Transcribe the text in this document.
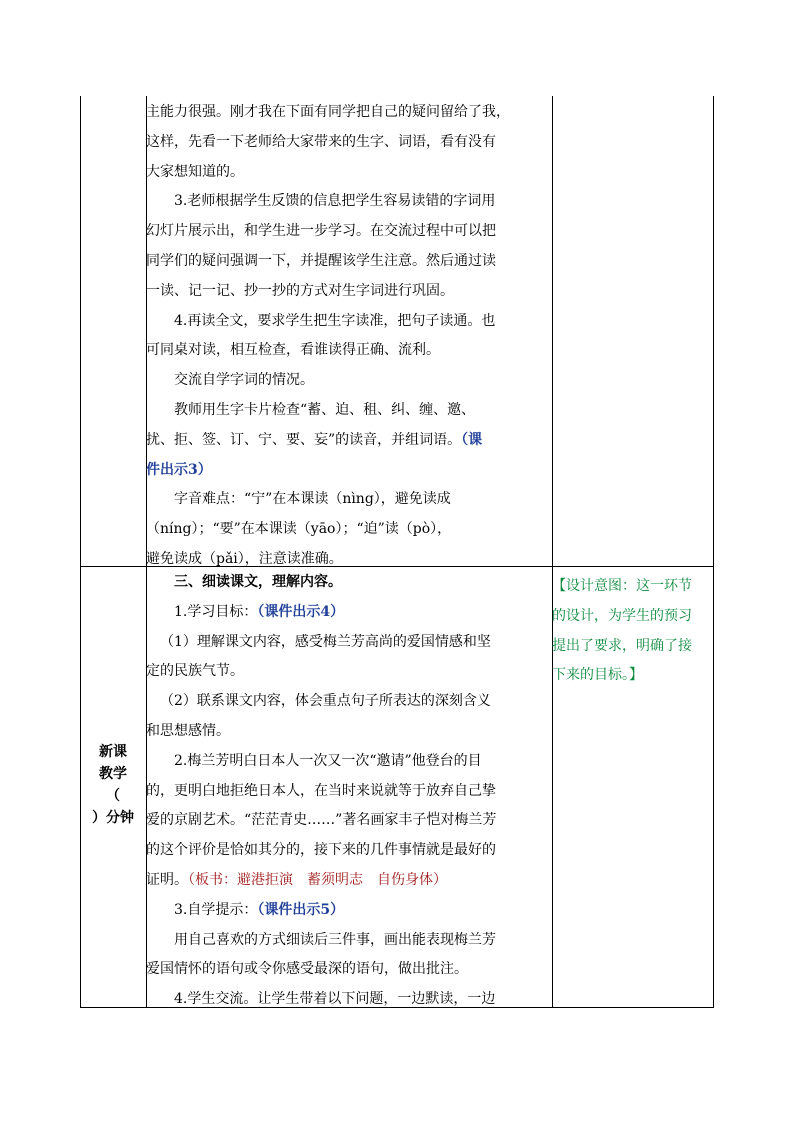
主能力很强。刚才我在下面有同学把自己的疑问留给了我，

这样，先看一下老师给大家带来的生字、词语，看有没有

大家想知道的。

3.老师根据学生反馈的信息把学生容易读错的字词用

幻灯片展示出，和学生进一步学习。在交流过程中可以把

同学们的疑问强调一下，并提醒该学生注意。然后通过读

一读、记一记、抄一抄的方式对生字词进行巩固。

4.再读全文，要求学生把生字读准，把句子读通。也

可同桌对读，相互检查，看谁读得正确、流利。

交流自学字词的情况。

教师用生字卡片检查“蓄、迫、租、纠、缠、邀、

扰、拒、签、订、宁、要、妄”的读音，并组词语。（课

件出示3）

字音难点：“宁”在本课读（nìng），避免读成

（níng）；“要”在本课读（yāo）；“迫”读（pò），

避免读成（pǎi），注意读准确。

新课
教学
（
）分钟

三、细读课文，理解内容。

1.学习目标：（课件出示4）

（1）理解课文内容，感受梅兰芳高尚的爱国情感和坚

定的民族气节。

（2）联系课文内容，体会重点句子所表达的深刻含义

和思想感情。

2.梅兰芳明白日本人一次又一次“邀请”他登台的目

的，更明白地拒绝日本人，在当时来说就等于放弃自己挚

爱的京剧艺术。“茫茫青史……”著名画家丰子恺对梅兰芳

的这个评价是恰如其分的，接下来的几件事情就是最好的

证明。（板书：避港拒演　蓄须明志　自伤身体）

3.自学提示：（课件出示5）

用自己喜欢的方式细读后三件事，画出能表现梅兰芳

爱国情怀的语句或令你感受最深的语句，做出批注。

4.学生交流。让学生带着以下问题，一边默读，一边

【设计意图：这一环节
的设计，为学生的预习
提出了要求，明确了接
下来的目标。】
